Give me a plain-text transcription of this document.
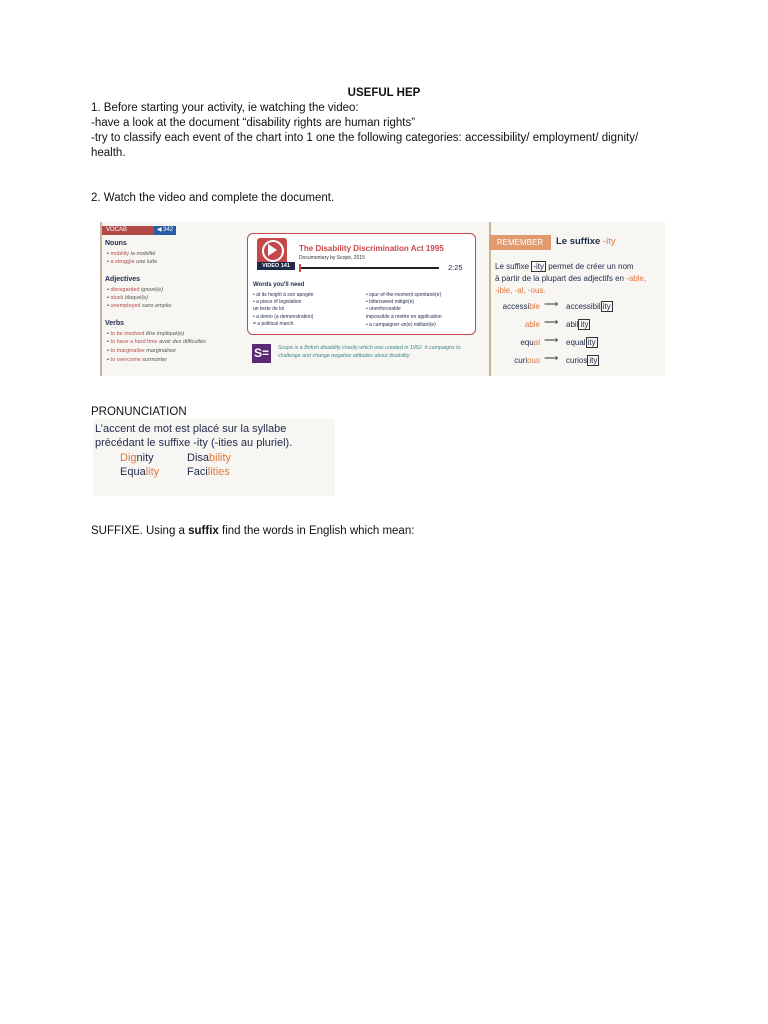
USEFUL HEP
1. Before starting your activity, ie watching the video:
-have a look at the document “disability rights are human rights”
-try to classify each event of the chart into 1 one the following categories: accessibility/ employment/ dignity/
health.
2. Watch the video and complete the document.
VOCAB	◀ 342
Nouns
• mobility la mobilité
• a struggle une lutte
Adjectives
• disregarded ignoré(e)
• stuck bloqué(e)
• unemployed sans emploi
Verbs
• to be involved être impliqué(e)
• to have a hard time avoir des difficultés
• to marginalise marginaliser
• to overcome surmonter
VIDEO 141
The Disability Discrimination Act 1995
Documentary by Scope, 2015
2:25
Words you'll need
• at its height à son apogée
• a piece of legislation
un texte de loi
• a demo (a demonstration)
= a political march
• spur-of-the-moment spontané(e)
• bittersweet mitigé(e)
• unenforceable
impossible à mettre en application
• a campaigner un(e) militant(e)
S=	Scope is a British disability charity which was created in 1952. It campaigns to challenge and change negative attitudes about disability.
REMEMBER	Le suffixe -ity
Le suffixe -ity permet de créer un nom
à partir de la plupart des adjectifs en -able,
-ible, -al, -ous.
accessible ⟶ accessibil ity
able ⟶ abil ity
equal ⟶ equal ity
curious ⟶ curios ity
PRONUNCIATION
L’accent de mot est placé sur la syllabe
précédant le suffixe -ity (-ities au pluriel).
Dignity	Disability
Equality	Facilities
SUFFIXE. Using a suffix find the words in English which mean:
